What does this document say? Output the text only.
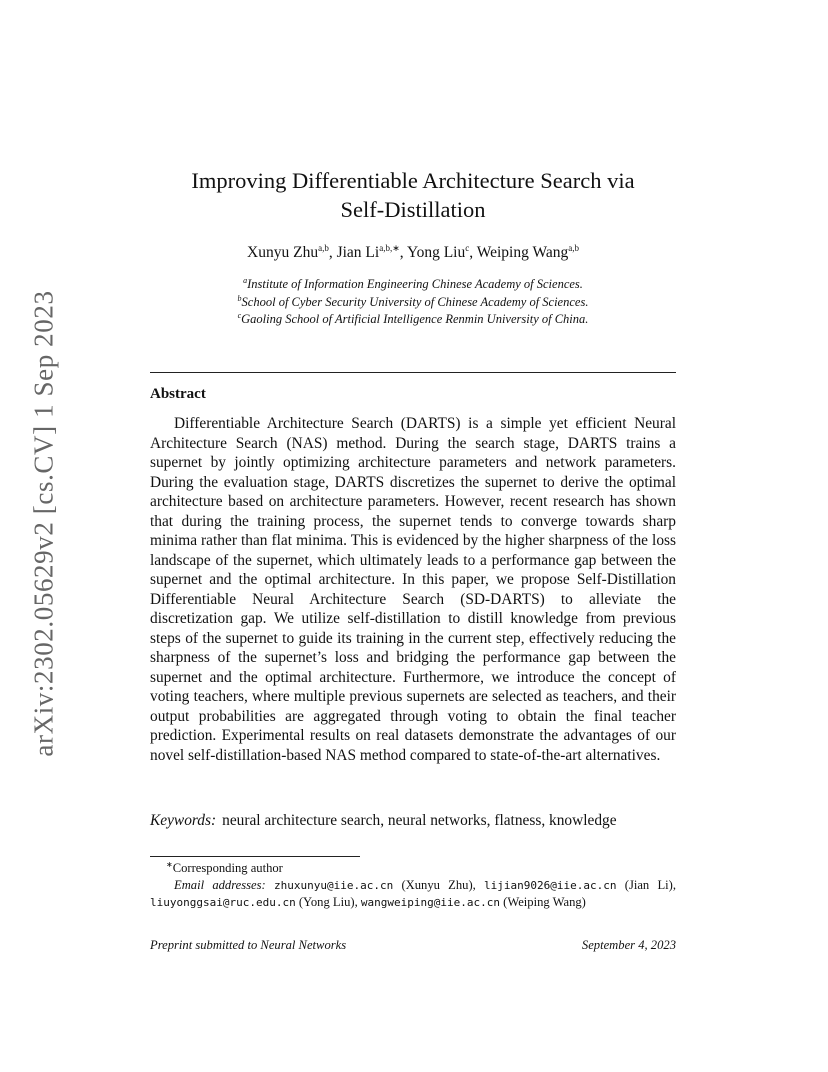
arXiv:2302.05629v2 [cs.CV] 1 Sep 2023
Improving Differentiable Architecture Search via
Self-Distillation
Xunyu Zhu$^{a,b}$, Jian $Li^{a,b,∗}$, Yong Liu$^c$, Weiping Wang$^{a,b}$
$^a$Institute of Information Engineering Chinese Academy of Sciences.
$^b$School of Cyber Security University of Chinese Academy of Sciences.
$^c$Gaoling School of Artificial Intelligence Renmin University of China.
Abstract

Differentiable Architecture Search (DARTS) is a simple yet efficient Neural Architecture Search (NAS) method. During the search stage, DARTS trains a supernet by jointly optimizing architecture parameters and network parameters. During the evaluation stage, DARTS discretizes the supernet to derive the optimal architecture based on architecture parameters. However, recent research has shown that during the training process, the supernet tends to converge towards sharp minima rather than flat minima. This is evidenced by the higher sharpness of the loss landscape of the supernet, which ultimately leads to a performance gap between the supernet and the optimal architecture. In this paper, we propose Self-Distillation Differentiable Neural Architecture Search (SD-DARTS) to alleviate the discretization gap. We utilize self-distillation to distill knowledge from previous steps of the supernet to guide its training in the current step, effectively reducing the sharpness of the supernet’s loss and bridging the performance gap between the supernet and the optimal architecture. Furthermore, we introduce the concept of voting teachers, where multiple previous supernets are selected as teachers, and their output probabilities are aggregated through voting to obtain the final teacher prediction. Experimental results on real datasets demonstrate the advantages of our novel self-distillation-based NAS method compared to state-of-the-art alternatives.

Keywords: neural architecture search, neural networks, flatness, knowledge
∗Corresponding author
Email addresses: zhuxunyu@iie.ac.cn (Xunyu Zhu), lijian9026@iie.ac.cn (Jian Li), liuyonggsai@ruc.edu.cn (Yong Liu), wangweiping@iie.ac.cn (Weiping Wang)
Preprint submitted to Neural Networks	September 4, 2023
